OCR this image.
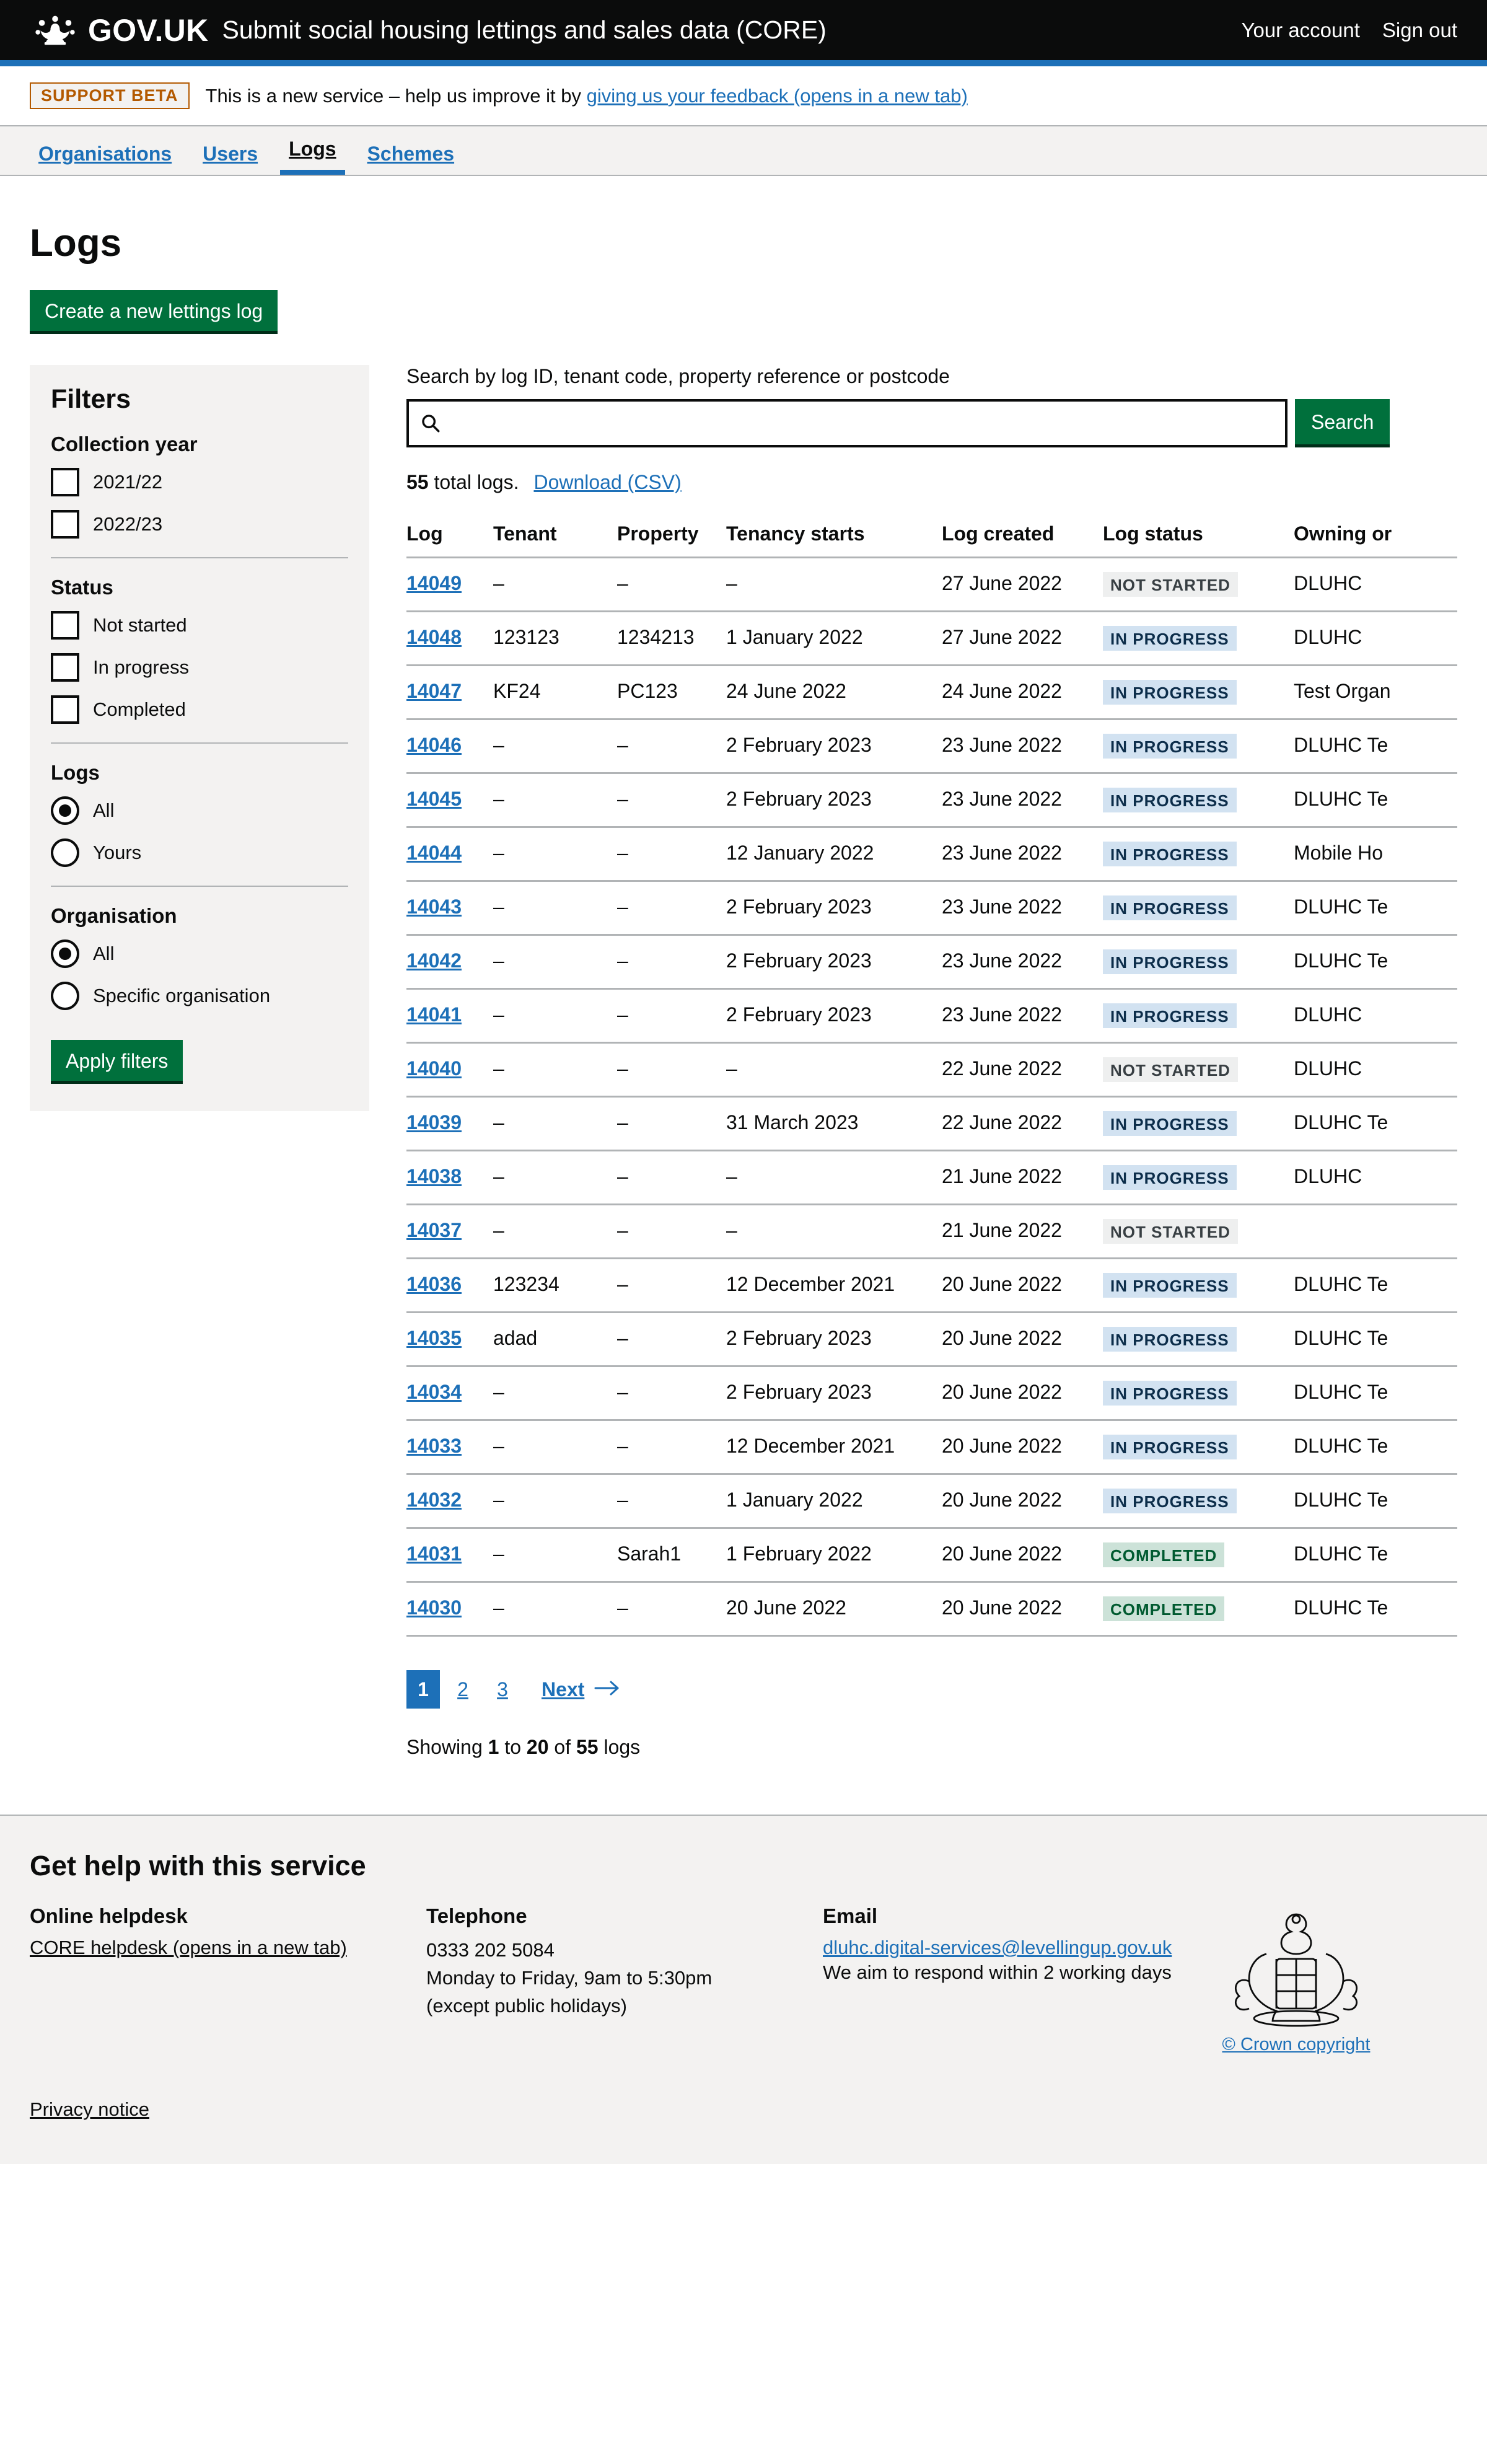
GOV.UK Submit social housing lettings and sales data (CORE)	Your account Sign out
SUPPORT BETA	This is a new service – help us improve it by giving us your feedback (opens in a new tab)
Organisations	Users	Logs	Schemes
Logs
Create a new lettings log
Filters
Collection year
2021/22
2022/23
Status
Not started
In progress
Completed
Logs
All
Yours
Organisation
All
Specific organisation
Apply filters
Search by log ID, tenant code, property reference or postcode
Search
55
total logs. Download (CSV)
Log	Tenant	Property	Tenancy starts	Log created	Log status	Owning or
14049	–	–	–	27 June 2022	NOT STARTED	DLUHC
14048	123123	1234213	1 January 2022	27 June 2022	IN PROGRESS	DLUHC
14047	KF24	PC123	24 June 2022	24 June 2022	IN PROGRESS	Test Organ
14046	–	–	2 February 2023	23 June 2022	IN PROGRESS	DLUHC Te
14045	–	–	2 February 2023	23 June 2022	IN PROGRESS	DLUHC Te
14044	–	–	12 January 2022	23 June 2022	IN PROGRESS	Mobile Ho
14043	–	–	2 February 2023	23 June 2022	IN PROGRESS	DLUHC Te
14042	–	–	2 February 2023	23 June 2022	IN PROGRESS	DLUHC Te
14041	–	–	2 February 2023	23 June 2022	IN PROGRESS	DLUHC
14040	–	–	–	22 June 2022	NOT STARTED	DLUHC
14039	–	–	31 March 2023	22 June 2022	IN PROGRESS	DLUHC Te
14038	–	–	–	21 June 2022	IN PROGRESS	DLUHC
14037	–	–	–	21 June 2022	NOT STARTED	
14036	123234	–	12 December 2021	20 June 2022	IN PROGRESS	DLUHC Te
14035	adad	–	2 February 2023	20 June 2022	IN PROGRESS	DLUHC Te
14034	–	–	2 February 2023	20 June 2022	IN PROGRESS	DLUHC Te
14033	–	–	12 December 2021	20 June 2022	IN PROGRESS	DLUHC Te
14032	–	–	1 January 2022	20 June 2022	IN PROGRESS	DLUHC Te
14031	–	Sarah1	1 February 2022	20 June 2022	COMPLETED	DLUHC Te
14030	–	–	20 June 2022	20 June 2022	COMPLETED	DLUHC Te
1	2	3	Next

Showing 1 to 20 of 55 logs

Get help with this service
Online helpdesk
CORE helpdesk (opens in a new tab)
Telephone
0333 202 5084
Monday to Friday, 9am to 5:30pm
(except public holidays)
Email
dluhc.digital-services@levellingup.gov.uk
We aim to respond within 2 working days
© Crown copyright
Privacy notice
